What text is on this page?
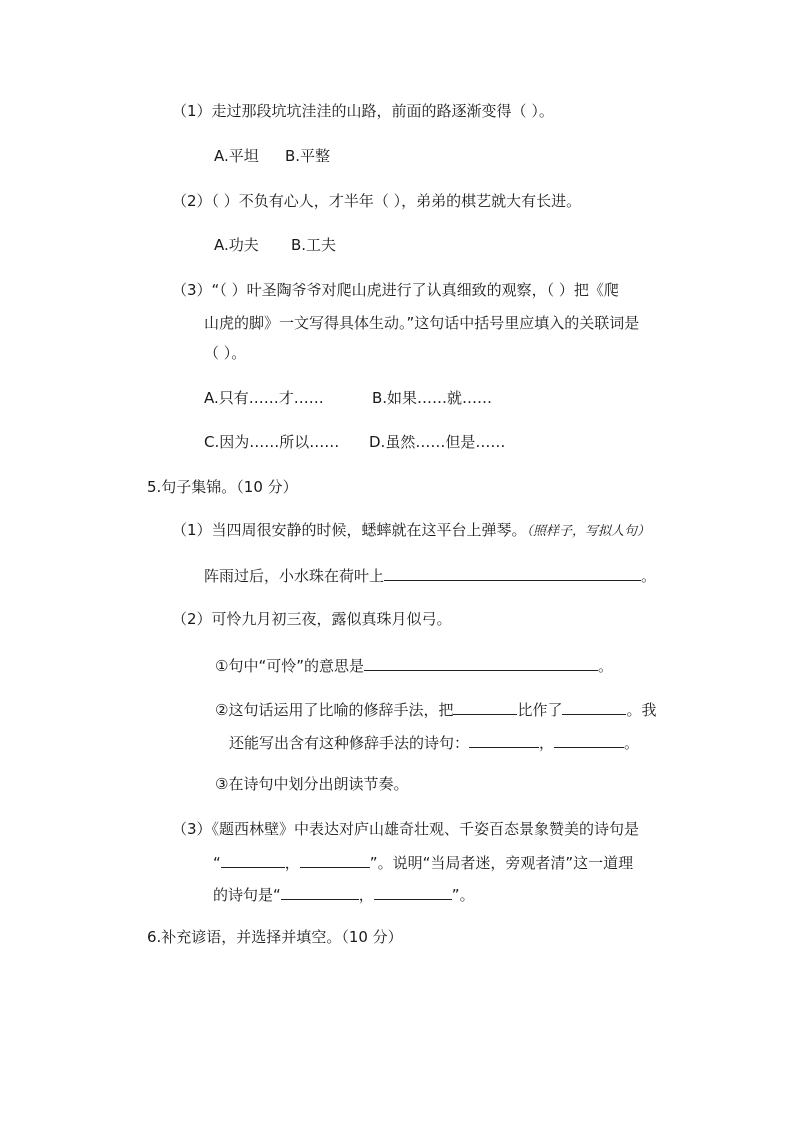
（1）走过那段坑坑洼洼的山路，前面的路逐渐变得（ ）。
A.平坦 B.平整
（2）（ ）不负有心人，才半年（ ），弟弟的棋艺就大有长进。
A.功夫 B.工夫
（3）“（ ）叶圣陶爷爷对爬山虎进行了认真细致的观察，（ ）把《爬
山虎的脚》一文写得具体生动。”这句话中括号里应填入的关联词是
（ ）。
A.只有……才……	B.如果……就……
C.因为……所以…… D.虽然……但是……
5.句子集锦。（10 分）
（1）当四周很安静的时候，蟋蟀就在这平台上弹琴。（照样子，写拟人句）
阵雨过后，小水珠在荷叶上	。
（2）可怜九月初三夜，露似真珠月似弓。
①句中“可怜”的意思是	。
②这句话运用了比喻的修辞手法，把	比作了	。我
还能写出含有这种修辞手法的诗句：	，	。
③在诗句中划分出朗读节奏。
（3）《题西林壁》中表达对庐山雄奇壮观、千姿百态景象赞美的诗句是
“	，	”。说明“当局者迷，旁观者清”这一道理
的诗句是“	，	”。
6.补充谚语，并选择并填空。（10 分）
